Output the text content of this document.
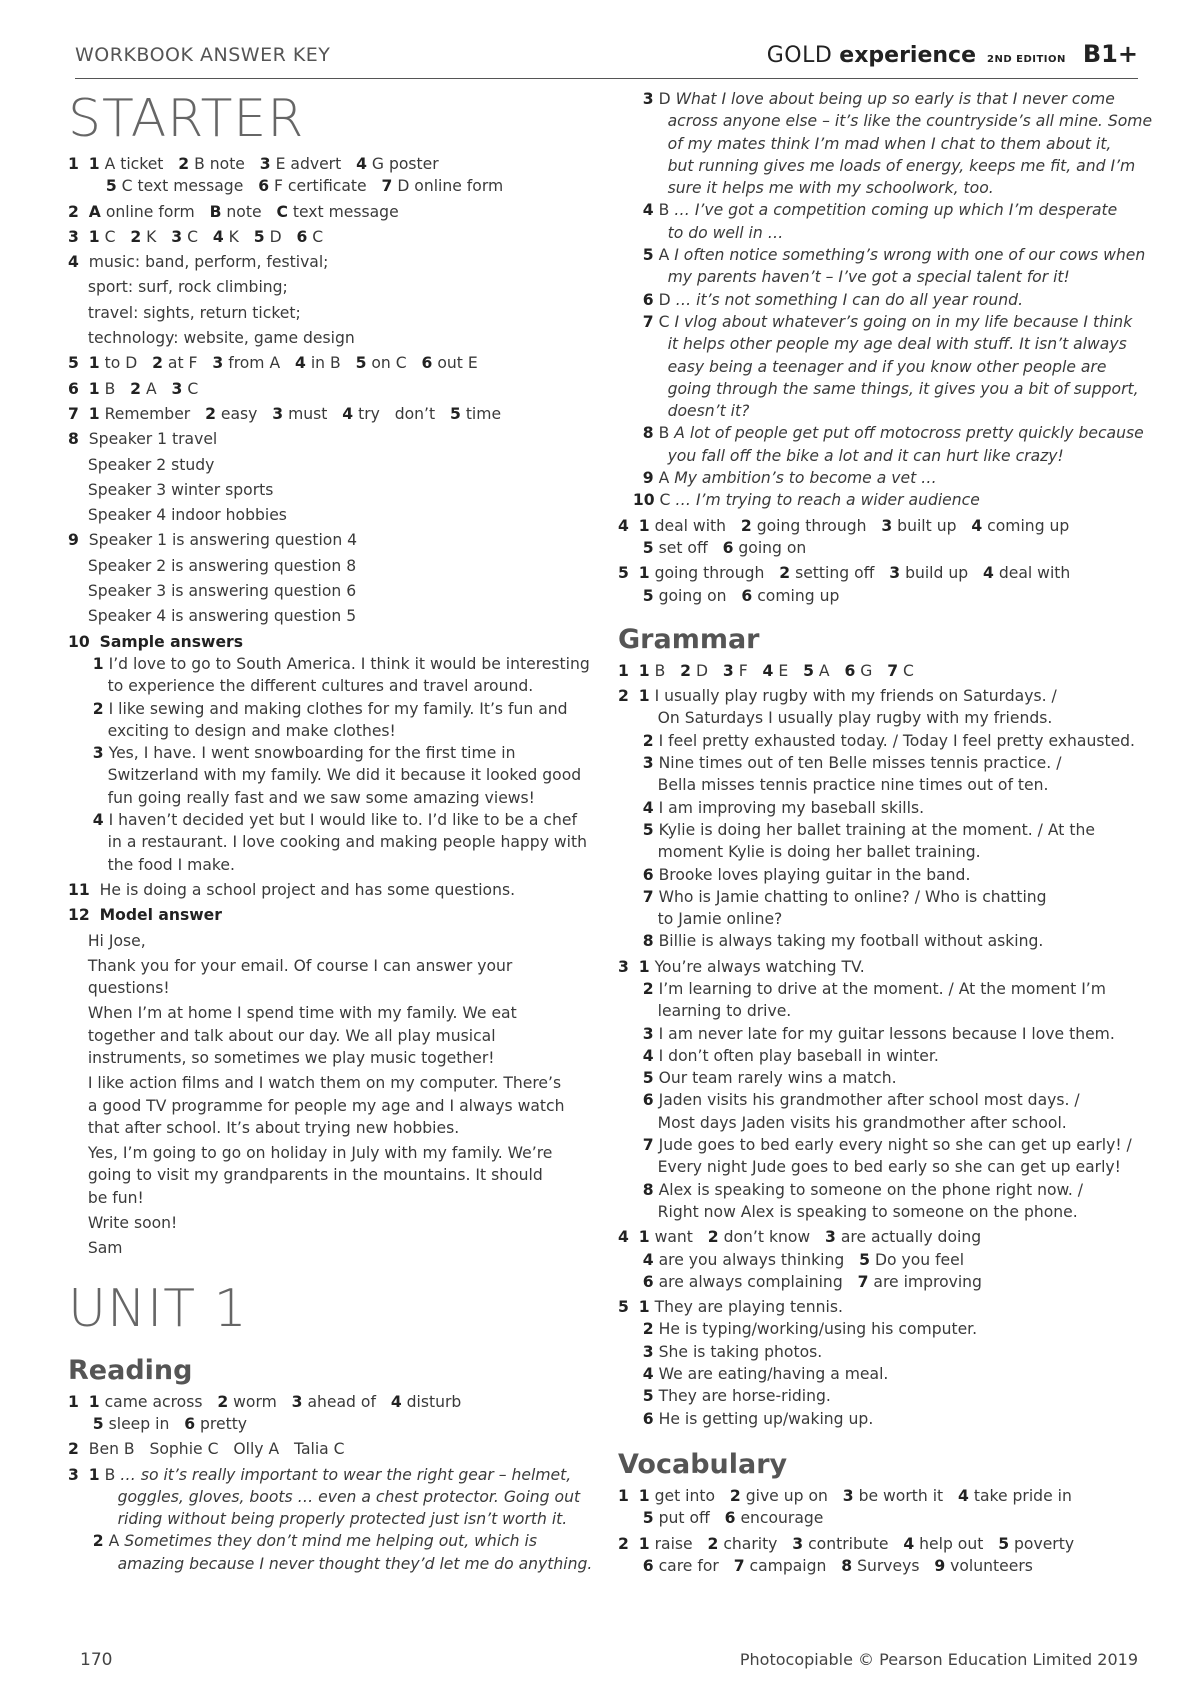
WORKBOOK ANSWER KEY	GOLD experience 2ND EDITION B1+
STARTER
1 1 A ticket   2 B note   3 E advert   4 G poster
5 C text message   6 F certificate   7 D online form
2 A online form   B note   C text message
3 1 C   2 K   3 C   4 K   5 D   6 C
4  music: band, perform, festival;
sport: surf, rock climbing;
travel: sights, return ticket;
technology: website, game design
5 1 to D   2 at F   3 from A   4 in B   5 on C   6 out E
6 1 B   2 A   3 C
7 1 Remember   2 easy   3 must   4 try   don’t   5 time
8  Speaker 1 travel
Speaker 2 study
Speaker 3 winter sports
Speaker 4 indoor hobbies
9  Speaker 1 is answering question 4
Speaker 2 is answering question 8
Speaker 3 is answering question 6
Speaker 4 is answering question 5
10 Sample answers
1 I’d love to go to South America. I think it would be interesting
to experience the different cultures and travel around.
2 I like sewing and making clothes for my family. It’s fun and
exciting to design and make clothes!
3 Yes, I have. I went snowboarding for the first time in
Switzerland with my family. We did it because it looked good
fun going really fast and we saw some amazing views!
4 I haven’t decided yet but I would like to. I’d like to be a chef
in a restaurant. I love cooking and making people happy with
the food I make.
11  He is doing a school project and has some questions.
12 Model answer
Hi Jose,
Thank you for your email. Of course I can answer your
questions!
When I’m at home I spend time with my family. We eat
together and talk about our day. We all play musical
instruments, so sometimes we play music together!
I like action films and I watch them on my computer. There’s
a good TV programme for people my age and I always watch
that after school. It’s about trying new hobbies.
Yes, I’m going to go on holiday in July with my family. We’re
going to visit my grandparents in the mountains. It should
be fun!
Write soon!
Sam
UNIT 1
Reading
1 1 came across   2 worm   3 ahead of   4 disturb
5 sleep in   6 pretty
2  Ben B   Sophie C   Olly A   Talia C
3 1 B … so it’s really important to wear the right gear – helmet,
goggles, gloves, boots … even a chest protector. Going out
riding without being properly protected just isn’t worth it.
2 A Sometimes they don’t mind me helping out, which is
amazing because I never thought they’d let me do anything.
3 D What I love about being up so early is that I never come
across anyone else – it’s like the countryside’s all mine. Some
of my mates think I’m mad when I chat to them about it,
but running gives me loads of energy, keeps me fit, and I’m
sure it helps me with my schoolwork, too.
4 B … I’ve got a competition coming up which I’m desperate
to do well in …
5 A I often notice something’s wrong with one of our cows when
my parents haven’t – I’ve got a special talent for it!
6 D … it’s not something I can do all year round.
7 C I vlog about whatever’s going on in my life because I think
it helps other people my age deal with stuff. It isn’t always
easy being a teenager and if you know other people are
going through the same things, it gives you a bit of support,
doesn’t it?
8 B A lot of people get put off motocross pretty quickly because
you fall off the bike a lot and it can hurt like crazy!
9 A My ambition’s to become a vet …
10 C … I’m trying to reach a wider audience
4 1 deal with   2 going through   3 built up   4 coming up
5 set off   6 going on
5 1 going through   2 setting off   3 build up   4 deal with
5 going on   6 coming up
Grammar
1 1 B   2 D   3 F   4 E   5 A   6 G   7 C
2 1 I usually play rugby with my friends on Saturdays. /
On Saturdays I usually play rugby with my friends.
2 I feel pretty exhausted today. / Today I feel pretty exhausted.
3 Nine times out of ten Belle misses tennis practice. /
Bella misses tennis practice nine times out of ten.
4 I am improving my baseball skills.
5 Kylie is doing her ballet training at the moment. / At the
moment Kylie is doing her ballet training.
6 Brooke loves playing guitar in the band.
7 Who is Jamie chatting to online? / Who is chatting
to Jamie online?
8 Billie is always taking my football without asking.
3 1 You’re always watching TV.
2 I’m learning to drive at the moment. / At the moment I’m
learning to drive.
3 I am never late for my guitar lessons because I love them.
4 I don’t often play baseball in winter.
5 Our team rarely wins a match.
6 Jaden visits his grandmother after school most days. /
Most days Jaden visits his grandmother after school.
7 Jude goes to bed early every night so she can get up early! /
Every night Jude goes to bed early so she can get up early!
8 Alex is speaking to someone on the phone right now. /
Right now Alex is speaking to someone on the phone.
4 1 want   2 don’t know   3 are actually doing
4 are you always thinking   5 Do you feel
6 are always complaining   7 are improving
5 1 They are playing tennis.
2 He is typing/working/using his computer.
3 She is taking photos.
4 We are eating/having a meal.
5 They are horse-riding.
6 He is getting up/waking up.
Vocabulary
1 1 get into   2 give up on   3 be worth it   4 take pride in
5 put off   6 encourage
2 1 raise   2 charity   3 contribute   4 help out   5 poverty
6 care for   7 campaign   8 Surveys   9 volunteers
170	Photocopiable © Pearson Education Limited 2019
